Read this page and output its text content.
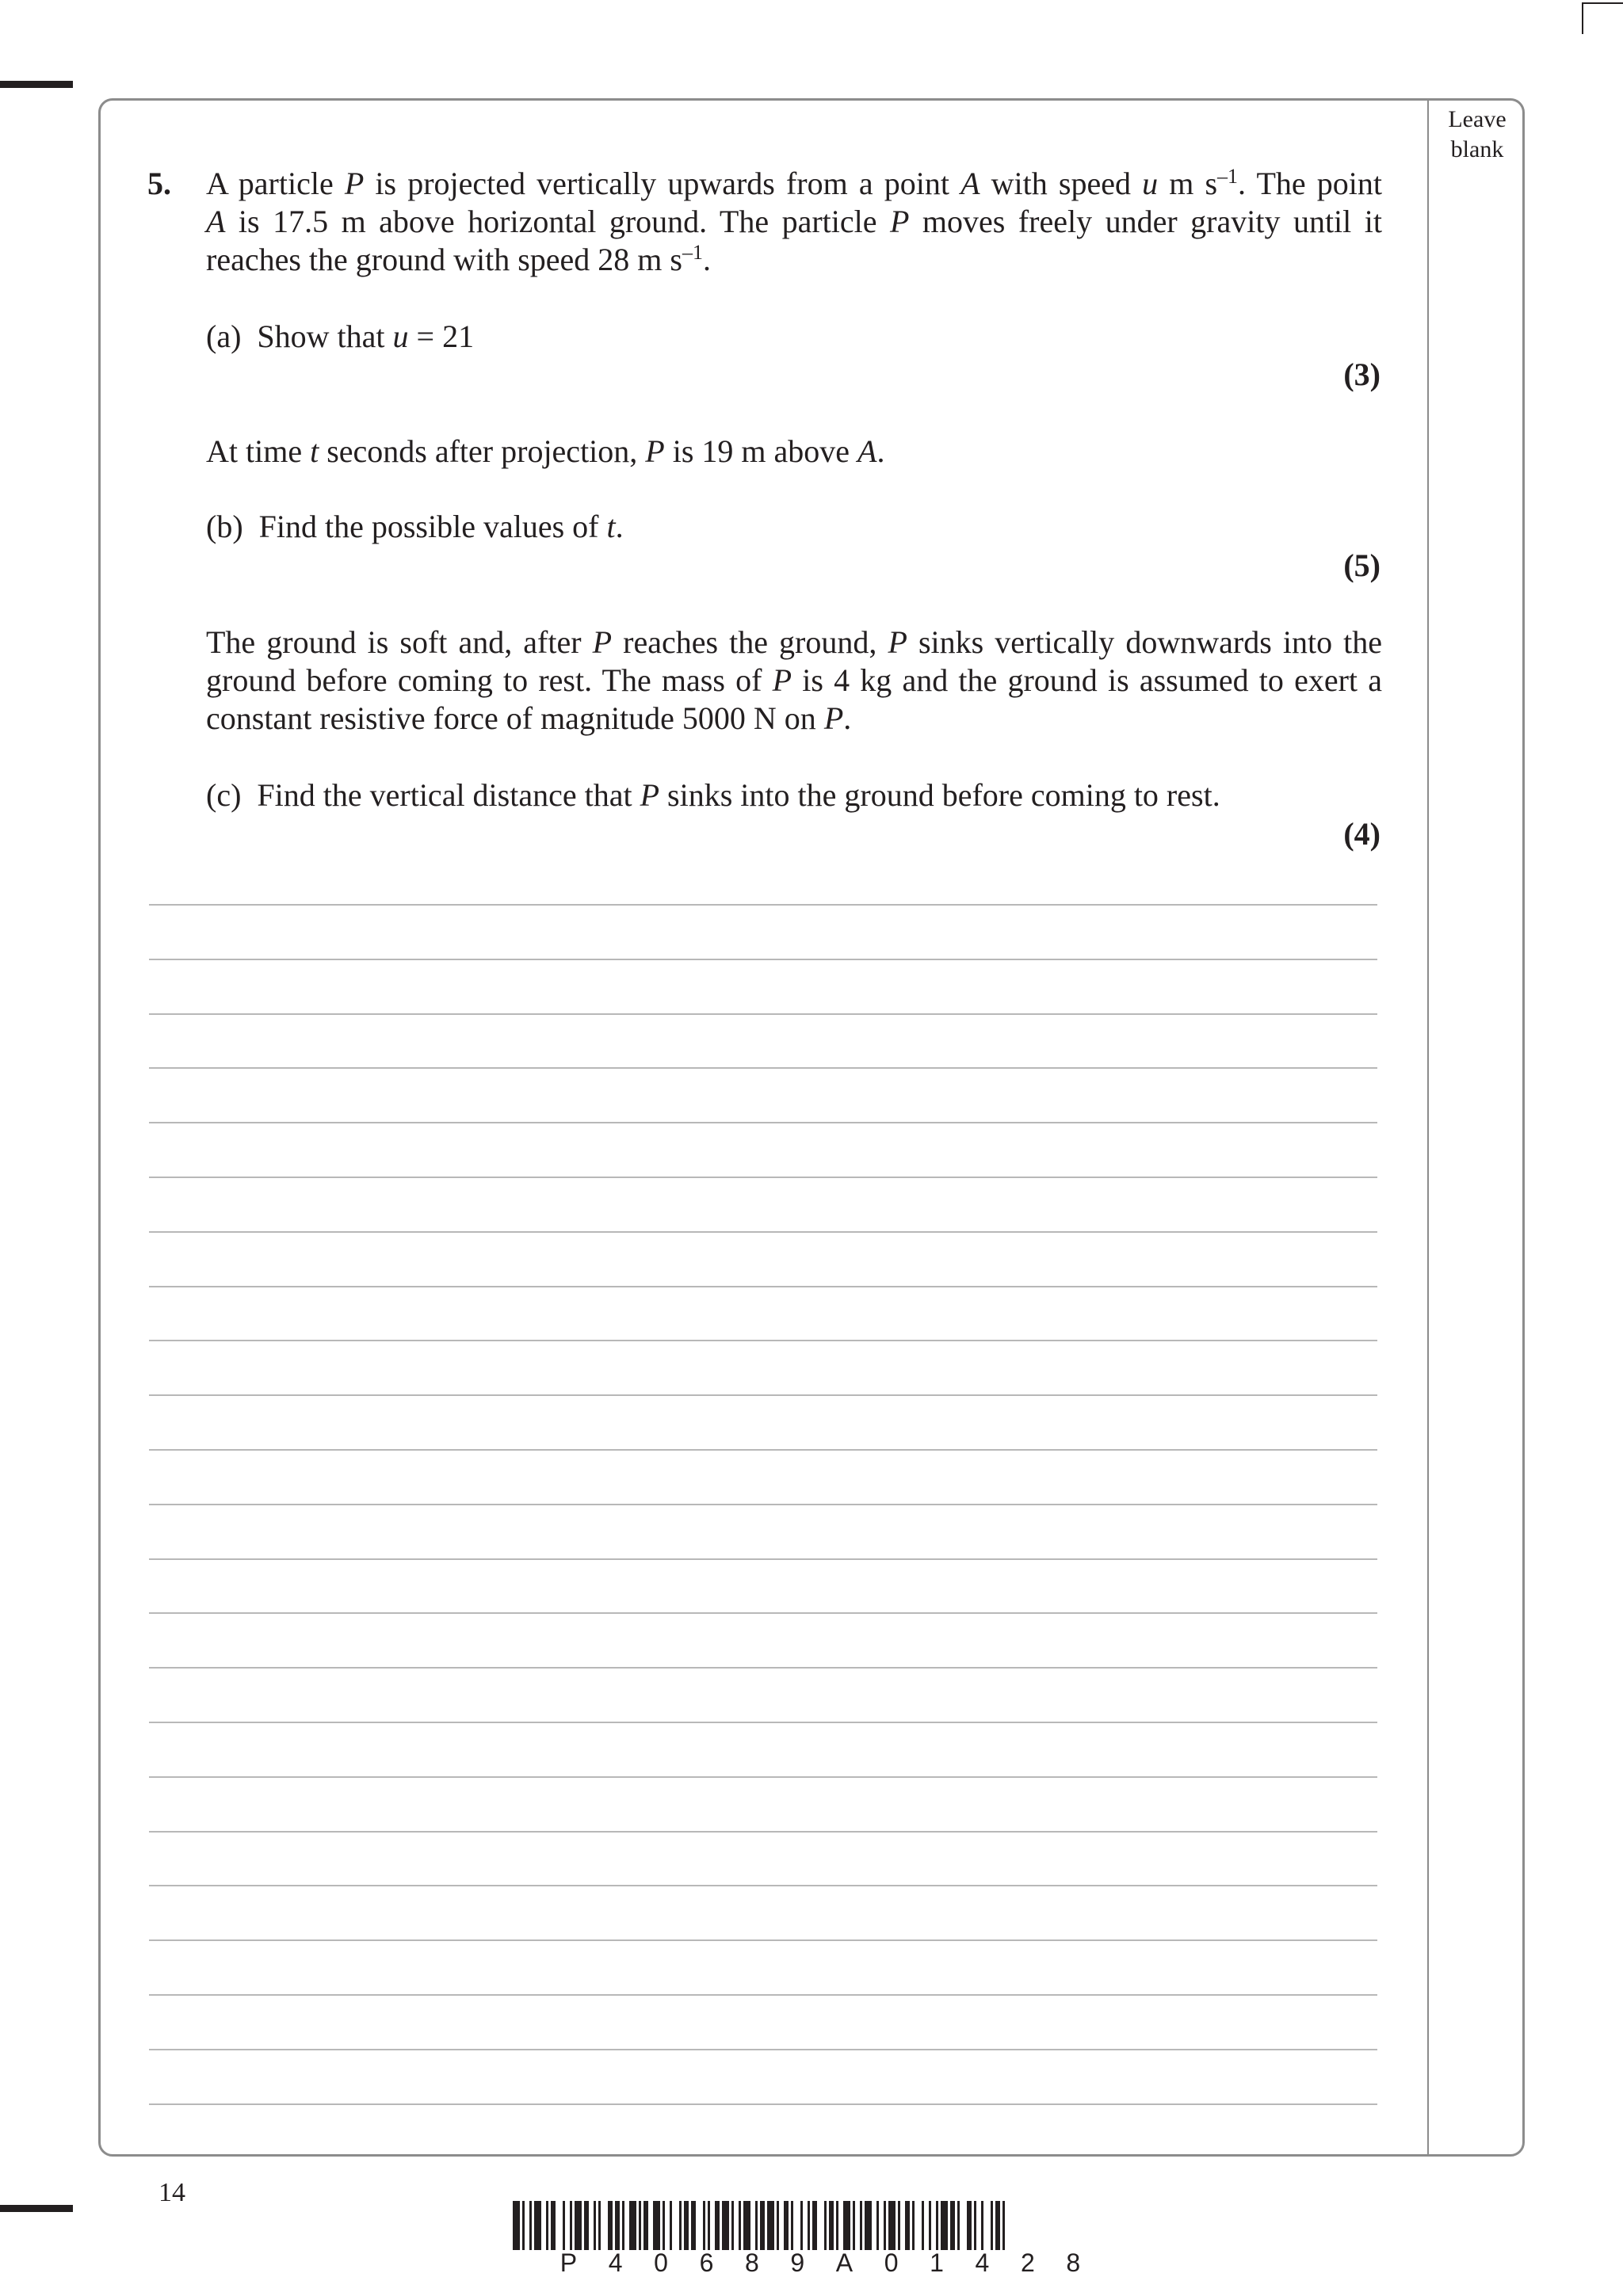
Leave blank
5. A particle P is projected vertically upwards from a point A with speed u m $s^{-1}$. The point
A is 17.5 m above horizontal ground. The particle P moves freely under gravity until it
reaches the ground with speed 28 m $s^{-1}$.
(a) Show that u = 21
(3)
At time t seconds after projection, P is 19 m above A.
(b) Find the possible values of t.
(5)
The ground is soft and, after P reaches the ground, P sinks vertically downwards into the
ground before coming to rest. The mass of P is 4 kg and the ground is assumed to exert a
constant resistive force of magnitude 5000 N on P.
(c) Find the vertical distance that P sinks into the ground before coming to rest.
(4)
14
P 4 0 6 8 9 A 0 1 4 2 8
